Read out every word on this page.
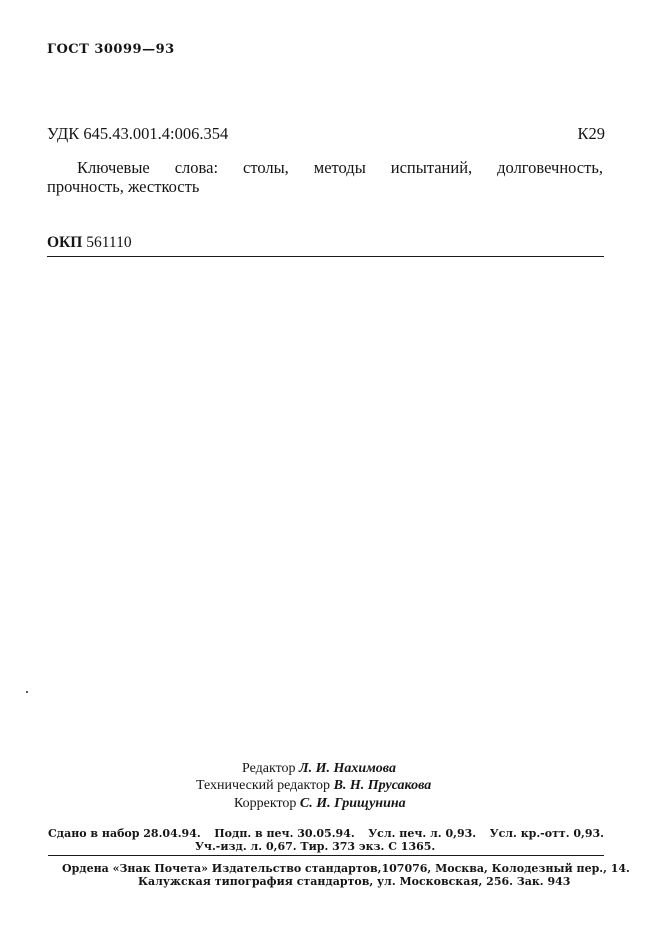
ГОСТ 30099—93
УДК 645.43.001.4:006.354	К29
Ключевые слова: столы, методы испытаний, долговечность,
прочность, жесткость
ОКП 561110
Редактор Л. И. Нахимова
Технический редактор В. Н. Прусакова
Корректор С. И. Грищунина
Сдано в набор 28.04.94. Подп. в печ. 30.05.94. Усл. печ. л. 0,93. Усл. кр.-отт. 0,93.
Уч.-изд. л. 0,67. Тир. 373 экз. С 1365.
Ордена «Знак Почета» Издательство стандартов, 107076, Москва, Колодезный пер., 14.
Калужская типография стандартов, ул. Московская, 256. Зак. 943
